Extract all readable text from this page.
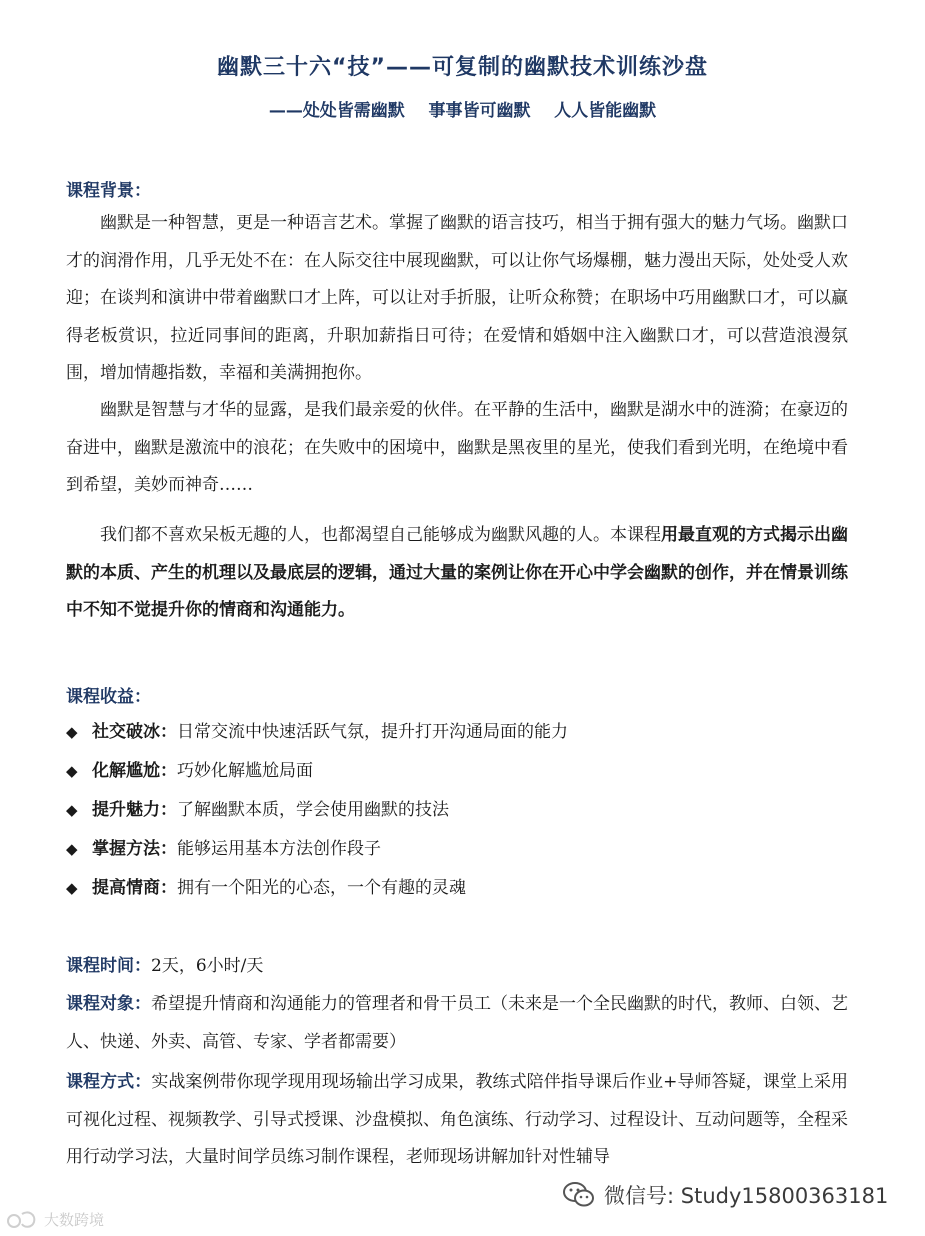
幽默三十六“技”——可复制的幽默技术训练沙盘
——处处皆需幽默    事事皆可幽默    人人皆能幽默
课程背景：

幽默是一种智慧，更是一种语言艺术。掌握了幽默的语言技巧，相当于拥有强大的魅力气场。幽默口才的润滑作用，几乎无处不在：在人际交往中展现幽默，可以让你气场爆棚，魅力漫出天际，处处受人欢迎；在谈判和演讲中带着幽默口才上阵，可以让对手折服，让听众称赞；在职场中巧用幽默口才，可以赢得老板赏识，拉近同事间的距离，升职加薪指日可待；在爱情和婚姻中注入幽默口才，可以营造浪漫氛围，增加情趣指数，幸福和美满拥抱你。

幽默是智慧与才华的显露，是我们最亲爱的伙伴。在平静的生活中，幽默是湖水中的涟漪；在豪迈的奋进中，幽默是激流中的浪花；在失败中的困境中，幽默是黑夜里的星光，使我们看到光明，在绝境中看到希望，美妙而神奇……

我们都不喜欢呆板无趣的人，也都渴望自己能够成为幽默风趣的人。本课程用最直观的方式揭示出幽默的本质、产生的机理以及最底层的逻辑，通过大量的案例让你在开心中学会幽默的创作，并在情景训练中不知不觉提升你的情商和沟通能力。

课程收益：
◆ 社交破冰：日常交流中快速活跃气氛，提升打开沟通局面的能力
◆ 化解尴尬：巧妙化解尴尬局面
◆ 提升魅力：了解幽默本质，学会使用幽默的技法
◆ 掌握方法：能够运用基本方法创作段子
◆ 提高情商：拥有一个阳光的心态，一个有趣的灵魂

课程时间：2天，6小时/天

课程对象：希望提升情商和沟通能力的管理者和骨干员工（未来是一个全民幽默的时代，教师、白领、艺人、快递、外卖、高管、专家、学者都需要）

课程方式：实战案例带你现学现用现场输出学习成果，教练式陪伴指导课后作业+导师答疑，课堂上采用可视化过程、视频教学、引导式授课、沙盘模拟、角色演练、行动学习、过程设计、互动问题等，全程采用行动学习法，大量时间学员练习制作课程，老师现场讲解加针对性辅导

微信号: Study15800363181
大数跨境
